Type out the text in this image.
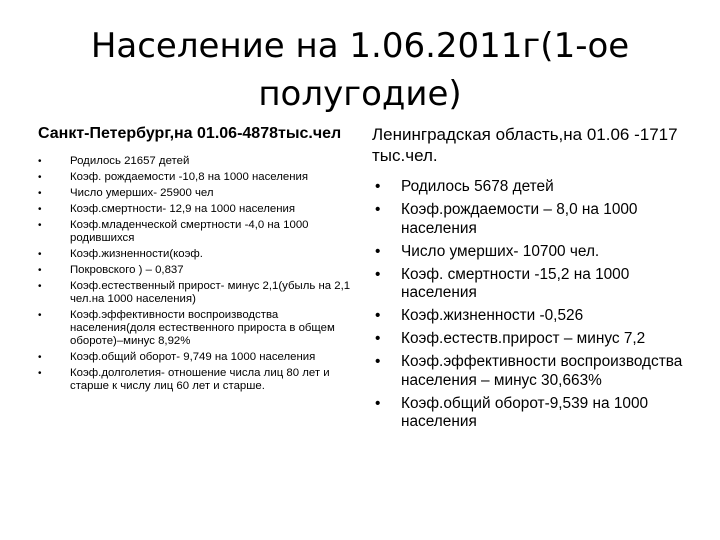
Население на 1.06.2011г(1-ое полугодие)
Санкт-Петербург,на 01.06-4878тыс.чел
• Родилось 21657 детей
• Коэф. рождаемости -10,8 на 1000 населения
• Число умерших- 25900 чел
• Коэф.смертности- 12,9 на 1000 населения
• Коэф.младенческой смертности -4,0 на 1000 родившихся
• Коэф.жизненности(коэф.
• Покровского ) – 0,837
• Коэф.естественный прирост- минус 2,1(убыль на 2,1 чел.на 1000 населения)
• Коэф.эффективности воспроизводства населения(доля естественного прироста в общем обороте)–минус 8,92%
• Коэф.общий оборот- 9,749 на 1000 населения
• Коэф.долголетия- отношение числа лиц 80 лет и старше к числу лиц 60 лет и старше.
Ленинградская область,на 01.06 -1717 тыс.чел.
• Родилось 5678 детей
• Коэф.рождаемости – 8,0 на 1000 населения
• Число умерших- 10700 чел.
• Коэф. смертности -15,2 на 1000 населения
• Коэф.жизненности -0,526
• Коэф.естеств.прирост – минус 7,2
• Коэф.эффективности воспроизводства населения – минус 30,663%
• Коэф.общий оборот-9,539 на 1000 населения
